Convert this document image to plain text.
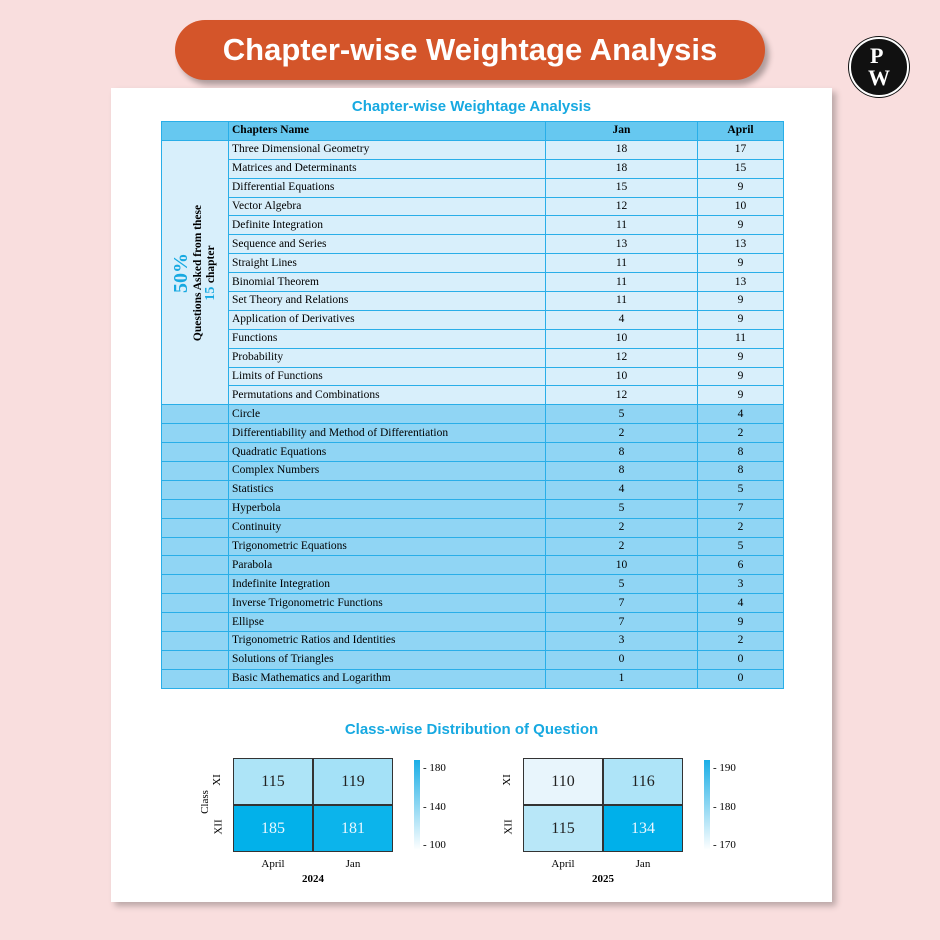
Chapter-wise Weightage Analysis	P
W
Chapter-wise Weightage Analysis
	Chapters Name	Jan	April

50% Questions Asked from these 15 chapter	Three Dimensional Geometry	18	17
	Matrices and Determinants	18	15
	Differential Equations	15	9
	Vector Algebra	12	10
	Definite Integration	11	9
	Sequence and Series	13	13
	Straight Lines	11	9
	Binomial Theorem	11	13
	Set Theory and Relations	11	9
	Application of Derivatives	4	9
	Functions	10	11
	Probability	12	9
	Limits of Functions	10	9
	Permutations and Combinations	12	9
	Circle	5	4
	Differentiability and Method of Differentiation	2	2
	Quadratic Equations	8	8
	Complex Numbers	8	8
	Statistics	4	5
	Hyperbola	5	7
	Continuity	2	2
	Trigonometric Equations	2	5
	Parabola	10	6
	Indefinite Integration	5	3
	Inverse Trigonometric Functions	7	4
	Ellipse	7	9
	Trigonometric Ratios and Identities	3	2
	Solutions of Triangles	0	0
	Basic Mathematics and Logarithm	1	0
Class-wise Distribution of Question
115	119
185	181
XI
XII
April	Jan
2024
Class
- 180
- 140
- 100
110	116
115	134
XI
XII
April	Jan
2025
- 190
- 180
- 170
